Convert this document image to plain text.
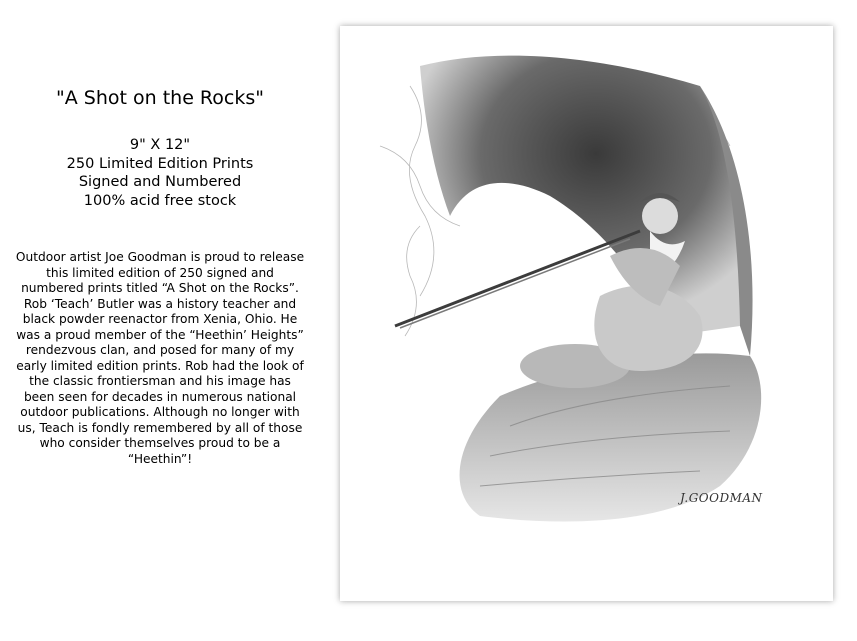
"A Shot on the Rocks"
9" X 12"
250 Limited Edition Prints
Signed and Numbered
100% acid free stock

Outdoor artist Joe Goodman is proud to release this limited edition of 250 signed and numbered prints titled “A Shot on the Rocks”. Rob ‘Teach’ Butler was a history teacher and black powder reenactor from Xenia, Ohio. He was a proud member of the “Heethin’ Heights” rendezvous clan, and posed for many of my early limited edition prints. Rob had the look of the classic frontiersman and his image has been seen for decades in numerous national outdoor publications. Although no longer with us, Teach is fondly remembered by all of those who consider themselves proud to be a “Heethin”!

J.GOODMAN
